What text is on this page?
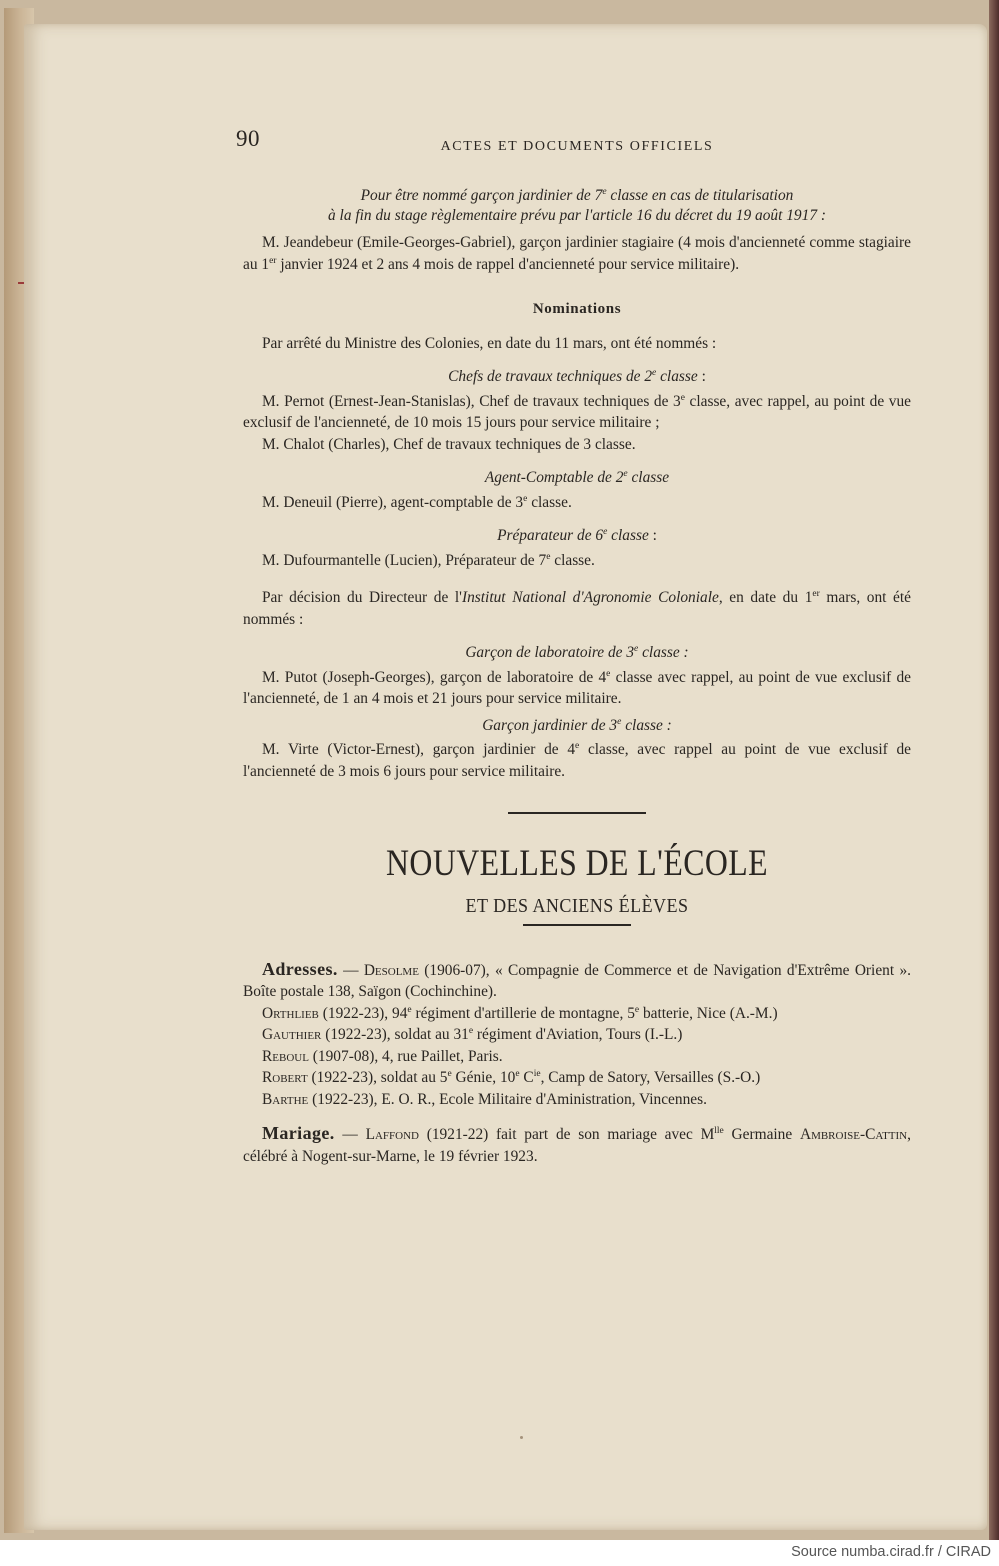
90	ACTES ET DOCUMENTS OFFICIELS

Pour être nommé garçon jardinier de 7e classe en cas de titularisation
à la fin du stage règlementaire prévu par l'article 16 du décret du 19 août 1917 :

M. Jeandebeur (Emile-Georges-Gabriel), garçon jardinier stagiaire (4 mois d'ancienneté comme stagiaire au 1er janvier 1924 et 2 ans 4 mois de rappel d'ancienneté pour service militaire).

Nominations

Par arrêté du Ministre des Colonies, en date du 11 mars, ont été nommés :

Chefs de travaux techniques de 2e classe :

M. Pernot (Ernest-Jean-Stanislas), Chef de travaux techniques de 3e classe, avec rappel, au point de vue exclusif de l'ancienneté, de 10 mois 15 jours pour service militaire ;

M. Chalot (Charles), Chef de travaux techniques de 3 classe.

Agent-Comptable de 2e classe

M. Deneuil (Pierre), agent-comptable de 3e classe.

Préparateur de 6e classe :

M. Dufourmantelle (Lucien), Préparateur de 7e classe.

Par décision du Directeur de l'Institut National d'Agronomie Coloniale, en date du 1er mars, ont été nommés :

Garçon de laboratoire de 3e classe :

M. Putot (Joseph-Georges), garçon de laboratoire de 4e classe avec rappel, au point de vue exclusif de l'ancienneté, de 1 an 4 mois et 21 jours pour service militaire.

Garçon jardinier de 3e classe :

M. Virte (Victor-Ernest), garçon jardinier de 4e classe, avec rappel au point de vue exclusif de l'ancienneté de 3 mois 6 jours pour service militaire.

NOUVELLES DE L'ÉCOLE
ET DES ANCIENS ÉLÈVES

Adresses. — Desolme (1906-07), « Compagnie de Commerce et de Navigation d'Extrême Orient ». Boîte postale 138, Saïgon (Cochinchine).

Orthlieb (1922-23), 94e régiment d'artillerie de montagne, 5e batterie, Nice (A.-M.)

Gauthier (1922-23), soldat au 31e régiment d'Aviation, Tours (I.-L.)

Reboul (1907-08), 4, rue Paillet, Paris.

Robert (1922-23), soldat au 5e Génie, 10e $C^{ie}$, Camp de Satory, Versailles (S.-O.)

Barthe (1922-23), E. O. R., Ecole Militaire d'Aministration, Vincennes.

Mariage. — Laffond (1921-22) fait part de son mariage avec $M^{lle}$ Germaine Ambroise-Cattin, célébré à Nogent-sur-Marne, le 19 février 1923.

Source numba.cirad.fr / CIRAD
